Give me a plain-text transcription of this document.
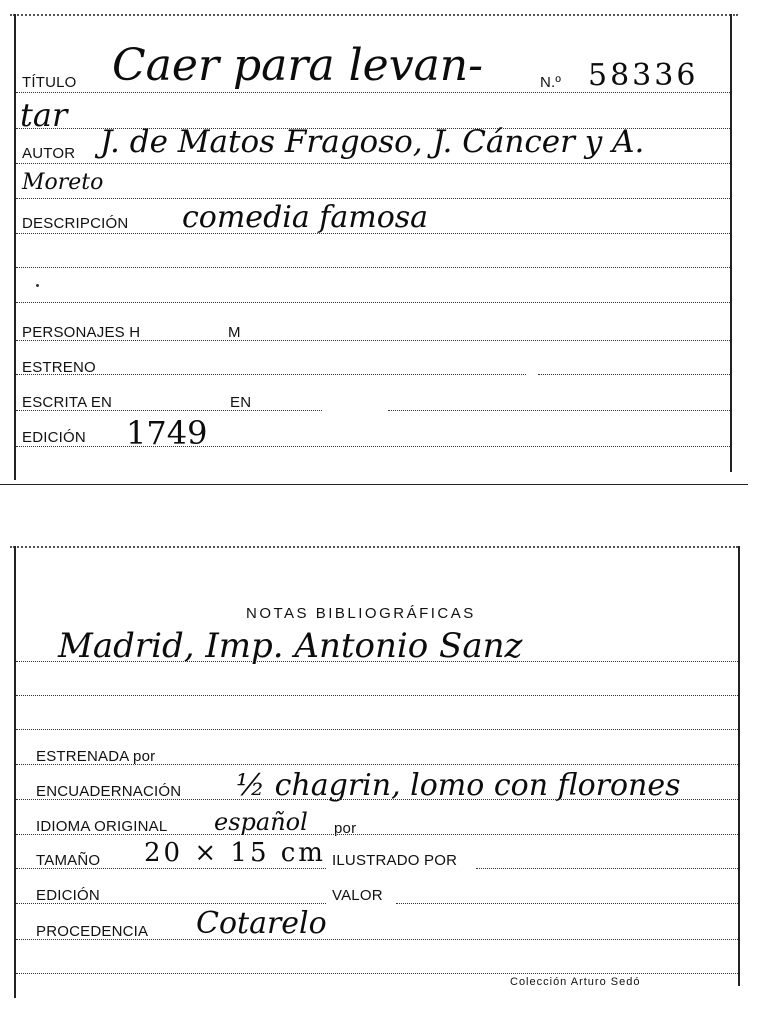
TÍTULO Caer para levan-	N.º 58336
tar
AUTOR J. de Matos Fragoso, J. Cáncer y A.
Moreto
DESCRIPCIÓN comedia famosa
PERSONAJES H	M
ESTRENO
ESCRITA EN	EN
EDICIÓN 1749
NOTAS BIBLIOGRÁFICAS
Madrid, Imp. Antonio Sanz
ESTRENADA por
ENCUADERNACIÓN ½ chagrin, lomo con florones
IDIOMA ORIGINAL español por
TAMAÑO 20 × 15 cm ILUSTRADO POR
EDICIÓN	VALOR
PROCEDENCIA Cotarelo
Colección Arturo Sedó
